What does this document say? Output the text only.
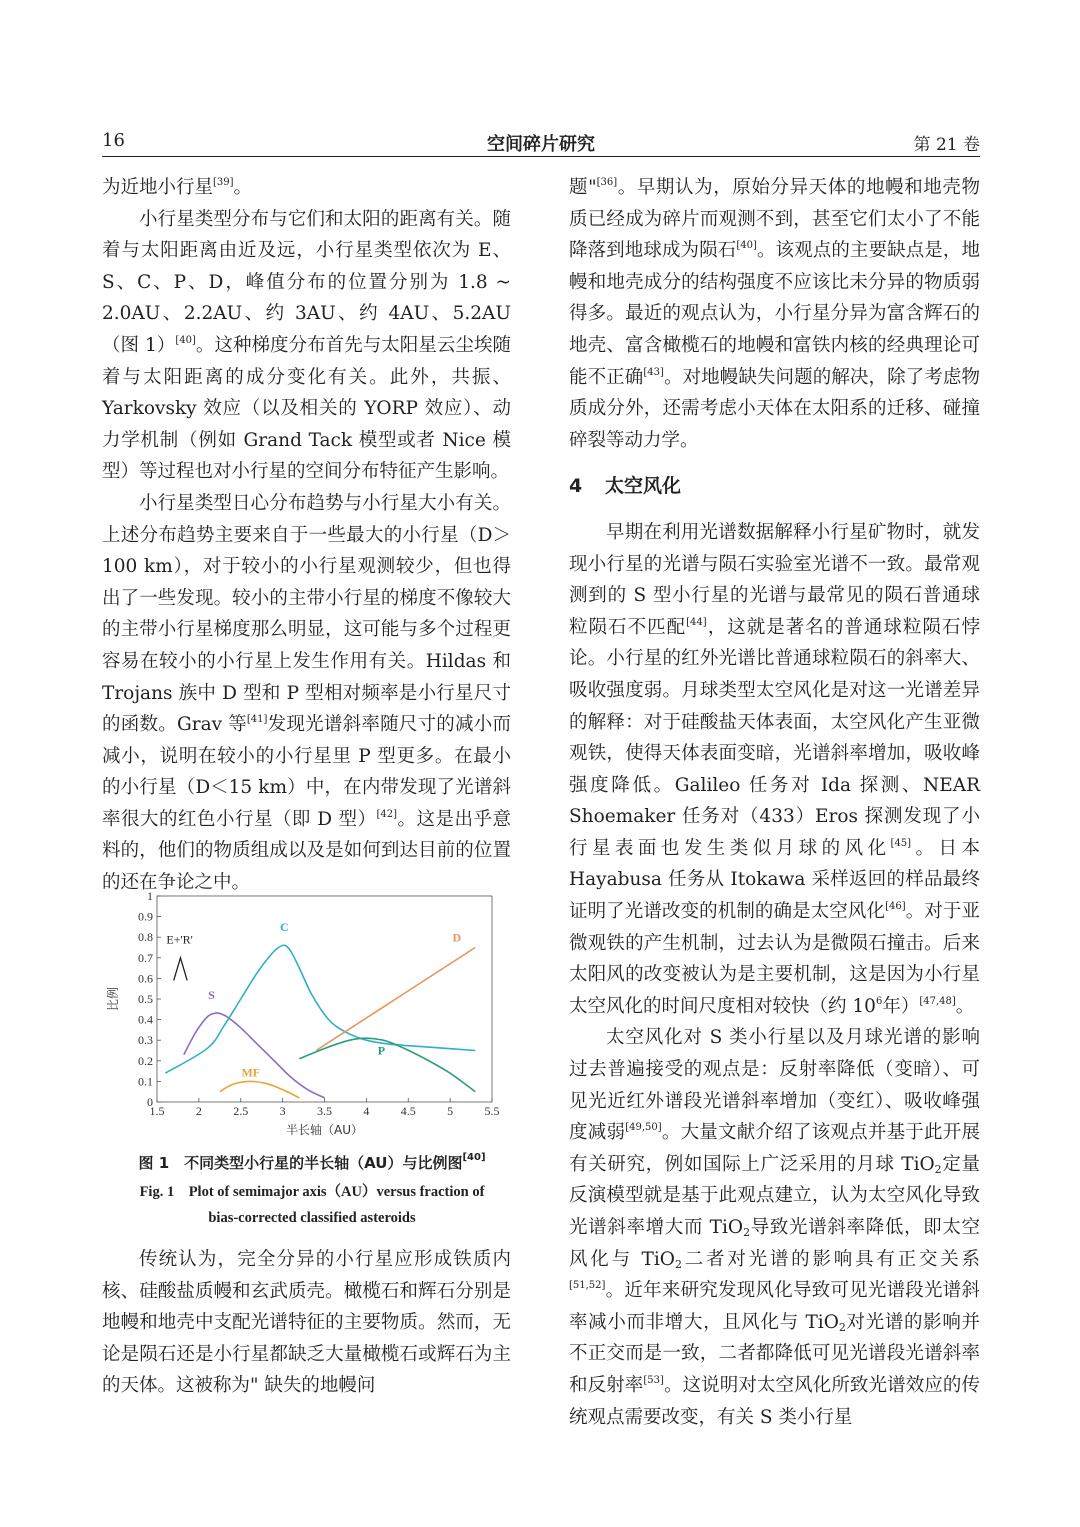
16	空间碎片研究	第 21 卷

为近地小行星[39]。

小行星类型分布与它们和太阳的距离有关。随着与太阳距离由近及远，小行星类型依次为 E、S、C、P、D，峰值分布的位置分别为 1.8 ~ 2.0AU、2.2AU、约 3AU、约 4AU、5.2AU（图 1）[40]。这种梯度分布首先与太阳星云尘埃随着与太阳距离的成分变化有关。此外，共振、Yarkovsky 效应（以及相关的 YORP 效应）、动力学机制（例如 Grand Tack 模型或者 Nice 模型）等过程也对小行星的空间分布特征产生影响。

小行星类型日心分布趋势与小行星大小有关。上述分布趋势主要来自于一些最大的小行星（D＞100 km），对于较小的小行星观测较少，但也得出了一些发现。较小的主带小行星的梯度不像较大的主带小行星梯度那么明显，这可能与多个过程更容易在较小的小行星上发生作用有关。Hildas 和 Trojans 族中 D 型和 P 型相对频率是小行星尺寸的函数。Grav 等[41]发现光谱斜率随尺寸的减小而减小，说明在较小的小行星里 P 型更多。在最小的小行星（D＜15 km）中，在内带发现了光谱斜率很大的红色小行星（即 D 型）[42]。这是出乎意料的，他们的物质组成以及是如何到达目前的位置的还在争论之中。

1.5	2	2.5	3	3.5	4	4.5	5	5.5
0
0.1
0.2
0.3
0.4
0.5
0.6
0.7
0.8
0.9
1
半长轴（AU）
比例	S
C
P
D
MF
E+'R'
图 1　不同类型小行星的半长轴（AU）与比例图[40]
Fig. 1　Plot of semimajor axis（AU）versus fraction of
bias-corrected classified asteroids

传统认为，完全分异的小行星应形成铁质内核、硅酸盐质幔和玄武质壳。橄榄石和辉石分别是地幔和地壳中支配光谱特征的主要物质。然而，无论是陨石还是小行星都缺乏大量橄榄石或辉石为主的天体。这被称为" 缺失的地幔问

题"[36]。早期认为，原始分异天体的地幔和地壳物质已经成为碎片而观测不到，甚至它们太小了不能降落到地球成为陨石[40]。该观点的主要缺点是，地幔和地壳成分的结构强度不应该比未分异的物质弱得多。最近的观点认为，小行星分异为富含辉石的地壳、富含橄榄石的地幔和富铁内核的经典理论可能不正确[43]。对地幔缺失问题的解决，除了考虑物质成分外，还需考虑小天体在太阳系的迁移、碰撞碎裂等动力学。

4 太空风化

早期在利用光谱数据解释小行星矿物时，就发现小行星的光谱与陨石实验室光谱不一致。最常观测到的 S 型小行星的光谱与最常见的陨石普通球粒陨石不匹配[44]，这就是著名的普通球粒陨石悖论。小行星的红外光谱比普通球粒陨石的斜率大、吸收强度弱。月球类型太空风化是对这一光谱差异的解释：对于硅酸盐天体表面，太空风化产生亚微观铁，使得天体表面变暗，光谱斜率增加，吸收峰强度降低。Galileo 任务对 Ida 探测、NEAR Shoemaker 任务对（433）Eros 探测发现了小行星表面也发生类似月球的风化[45]。日本 Hayabusa 任务从 Itokawa 采样返回的样品最终证明了光谱改变的机制的确是太空风化[46]。对于亚微观铁的产生机制，过去认为是微陨石撞击。后来太阳风的改变被认为是主要机制，这是因为小行星太空风化的时间尺度相对较快（约 $10^6$年）[47,48]。

太空风化对 S 类小行星以及月球光谱的影响过去普遍接受的观点是：反射率降低（变暗）、可见光近红外谱段光谱斜率增加（变红）、吸收峰强度减弱[49,50]。大量文献介绍了该观点并基于此开展有关研究，例如国际上广泛采用的月球 TiO$_2$定量反演模型就是基于此观点建立，认为太空风化导致光谱斜率增大而 TiO$_2$导致光谱斜率降低，即太空风化与 TiO$_2$二者对光谱的影响具有正交关系[51,52]。近年来研究发现风化导致可见光谱段光谱斜率减小而非增大，且风化与 TiO$_2$对光谱的影响并不正交而是一致，二者都降低可见光谱段光谱斜率和反射率[53]。这说明对太空风化所致光谱效应的传统观点需要改变，有关 S 类小行星
